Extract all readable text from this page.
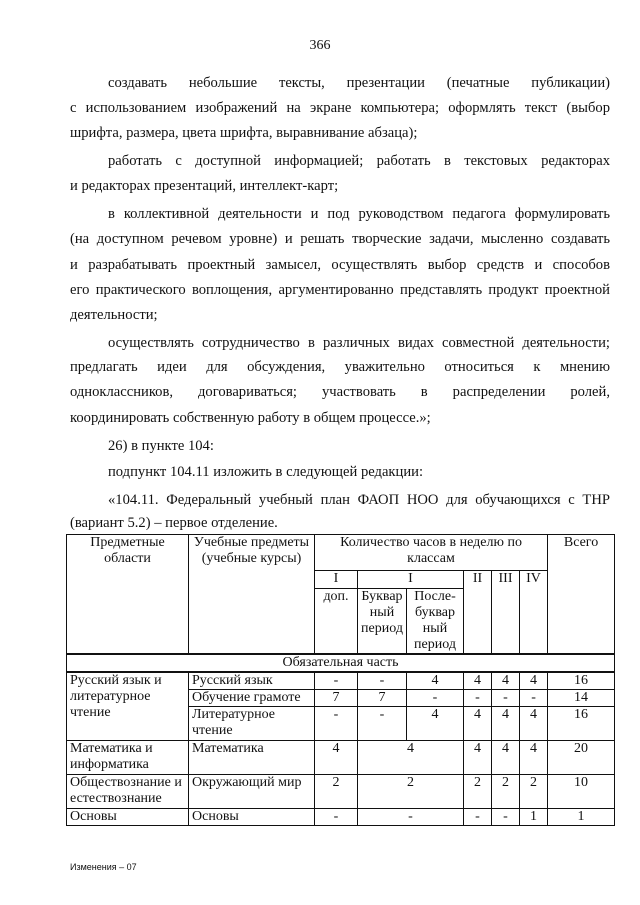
366
создавать небольшие тексты, презентации (печатные публикации)
с использованием изображений на экране компьютера; оформлять текст (выбор
шрифта, размера, цвета шрифта, выравнивание абзаца);
работать с доступной информацией; работать в текстовых редакторах
и редакторах презентаций, интеллект-карт;
в коллективной деятельности и под руководством педагога формулировать
(на доступном речевом уровне) и решать творческие задачи, мысленно создавать
и разрабатывать проектный замысел, осуществлять выбор средств и способов
его практического воплощения, аргументированно представлять продукт проектной
деятельности;
осуществлять сотрудничество в различных видах совместной деятельности;
предлагать идеи для обсуждения, уважительно относиться к мнению
одноклассников, договариваться; участвовать в распределении ролей,
координировать собственную работу в общем процессе.»;
26) в пункте 104:
подпункт 104.11 изложить в следующей редакции:
«104.11. Федеральный учебный план ФАОП НОО для обучающихся с ТНР
(вариант 5.2) – первое отделение.
Предметные области	Учебные предметы (учебные курсы)	Количество часов в неделю по классам						Всего
		I	I		II	III	IV	
		доп.	Буквар ный период	После- буквар ный период				
Обязательная часть								
Русский язык и литературное чтение	Русский язык	-	-	4	4	4	4	16
	Обучение грамоте	7	7	-	-	-	-	14
	Литературное чтение	-	-	4	4	4	4	16
Математика и информатика	Математика	4	4		4	4	4	20
Обществознание и естествознание	Окружающий мир	2	2		2	2	2	10
Основы	Основы	-	-		-	-	1	1
Изменения – 07
